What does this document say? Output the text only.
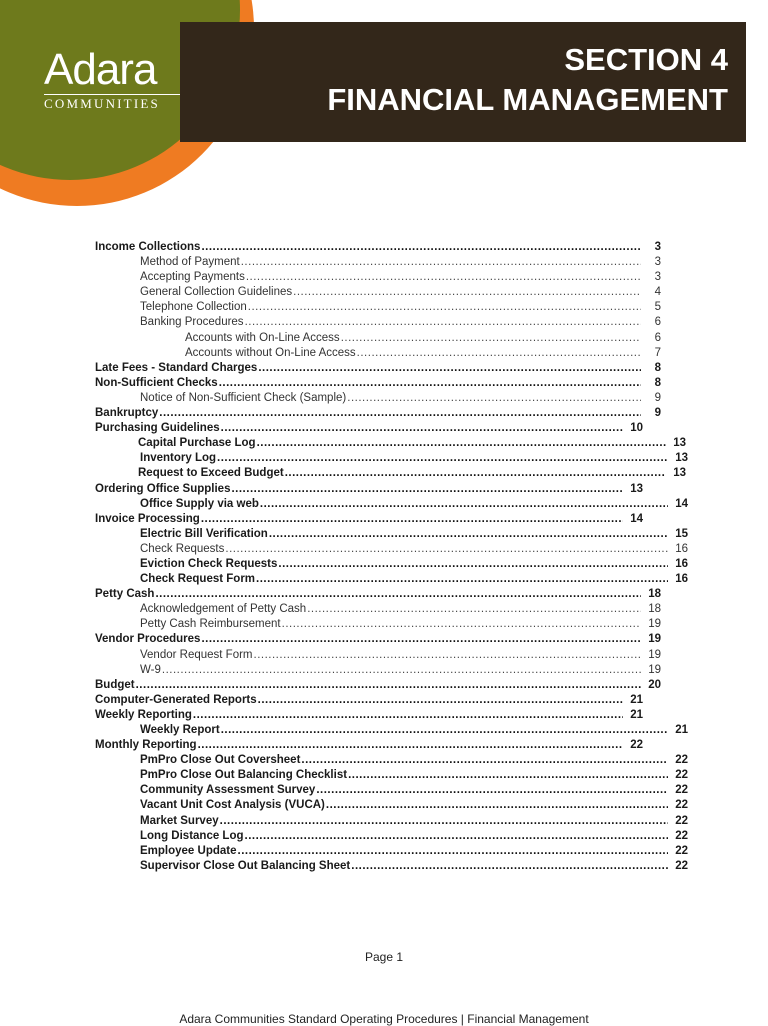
Adara
COMMUNITIES
SECTION 4
FINANCIAL MANAGEMENT
Income Collections .....	3
Method of Payment .....	3
Accepting Payments .....	3
General Collection Guidelines .....	4
Telephone Collection .....	5
Banking Procedures .....	6
Accounts with On-Line Access .....	6
Accounts without On-Line Access .....	7
Late Fees - Standard Charges .....	8
Non-Sufficient Checks .....	8
Notice of Non-Sufficient Check (Sample) .....	9
Bankruptcy .....	9
Purchasing Guidelines .....	10
Capital Purchase Log .....	13
Inventory Log .....	13
Request to Exceed Budget .....	13
Ordering Office Supplies .....	13
Office Supply via web .....	14
Invoice Processing .....	14
Electric Bill Verification .....	15
Check Requests .....	16
Eviction Check Requests .....	16
Check Request Form .....	16
Petty Cash .....	18
Acknowledgement of Petty Cash .....	18
Petty Cash Reimbursement .....	19
Vendor Procedures .....	19
Vendor Request Form .....	19
W-9 .....	19
Budget .....	20
Computer-Generated Reports .....	21
Weekly Reporting .....	21
Weekly Report .....	21
Monthly Reporting .....	22
PmPro Close Out Coversheet .....	22
PmPro Close Out Balancing Checklist .....	22
Community Assessment Survey .....	22
Vacant Unit Cost Analysis (VUCA) .....	22
Market Survey .....	22
Long Distance Log .....	22
Employee Update .....	22
Supervisor Close Out Balancing Sheet .....	22
Page 1
Adara Communities Standard Operating Procedures | Financial Management
